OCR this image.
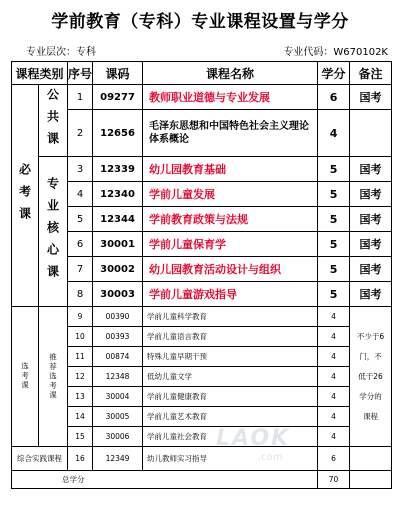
学前教育（专科）专业课程设置与学分
专业层次：专科	专业代码：W670102K
课程类别		序号	课码	课程名称	学分	备注

必考课	公共课	1	09277	教师职业道德与专业发展	6	国考
		2	12656	毛泽东思想和中国特色社会主义理论体系概论	4	

	专业核心课	3	12339	幼儿园教育基础	5	国考
		4	12340	学前儿童发展	5	国考
		5	12344	学前教育政策与法规	5	国考
		6	30001	学前儿童保育学	5	国考
		7	30002	幼儿园教育活动设计与组织	5	国考
		8	30003	学前儿童游戏指导	5	国考

选考课	推荐选考课	9	00390	学前儿童科学教育	4	不少于6门，不低于26学分的课程

		10	00393	学前儿童语言教育	4	
		11	00874	特殊儿童早期干预	4	
		12	12348	低幼儿童文学	4	
		13	30004	学前儿童健康教育	4	
		14	30005	学前儿童艺术教育	4	
		15	30006	学前儿童社会教育	4	
综合实践课程		16	12349	幼儿教师实习指导	6	
总学分					70	
LAOK
.com
